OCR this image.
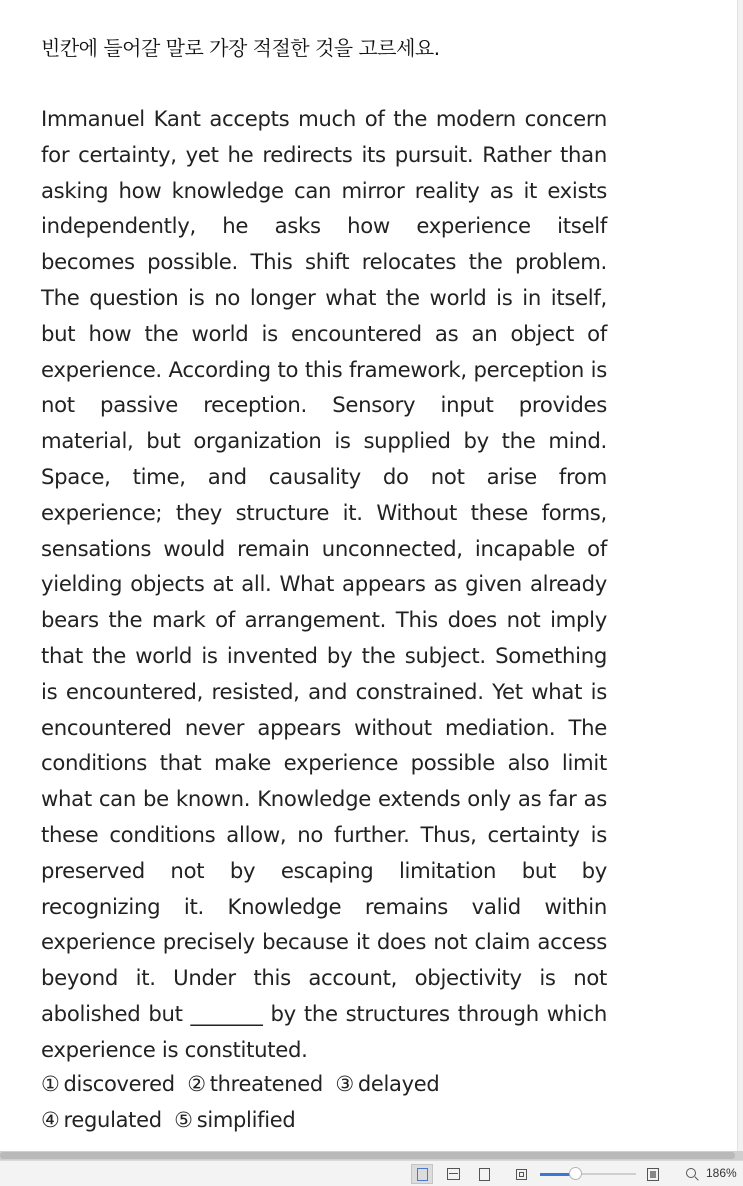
빈칸에 들어갈 말로 가장 적절한 것을 고르세요.

Immanuel Kant accepts much of the modern concern for certainty, yet he redirects its pursuit. Rather than asking how knowledge can mirror reality as it exists independently, he asks how experience itself becomes possible. This shift relocates the problem. The question is no longer what the world is in itself, but how the world is encountered as an object of experience. According to this framework, perception is not passive reception. Sensory input provides material, but organization is supplied by the mind. Space, time, and causality do not arise from experience; they structure it. Without these forms, sensations would remain unconnected, incapable of yielding objects at all. What appears as given already bears the mark of arrangement. This does not imply that the world is invented by the subject. Something is encountered, resisted, and constrained. Yet what is encountered never appears without mediation. The conditions that make experience possible also limit what can be known. Knowledge extends only as far as these conditions allow, no further. Thus, certainty is preserved not by escaping limitation but by recognizing it. Knowledge remains valid within experience precisely because it does not claim access beyond it. Under this account, objectivity is not abolished but _______ by the structures through which experience is constituted.

① discovered ② threatened ③ delayed
④ regulated ⑤ simplified
186%
